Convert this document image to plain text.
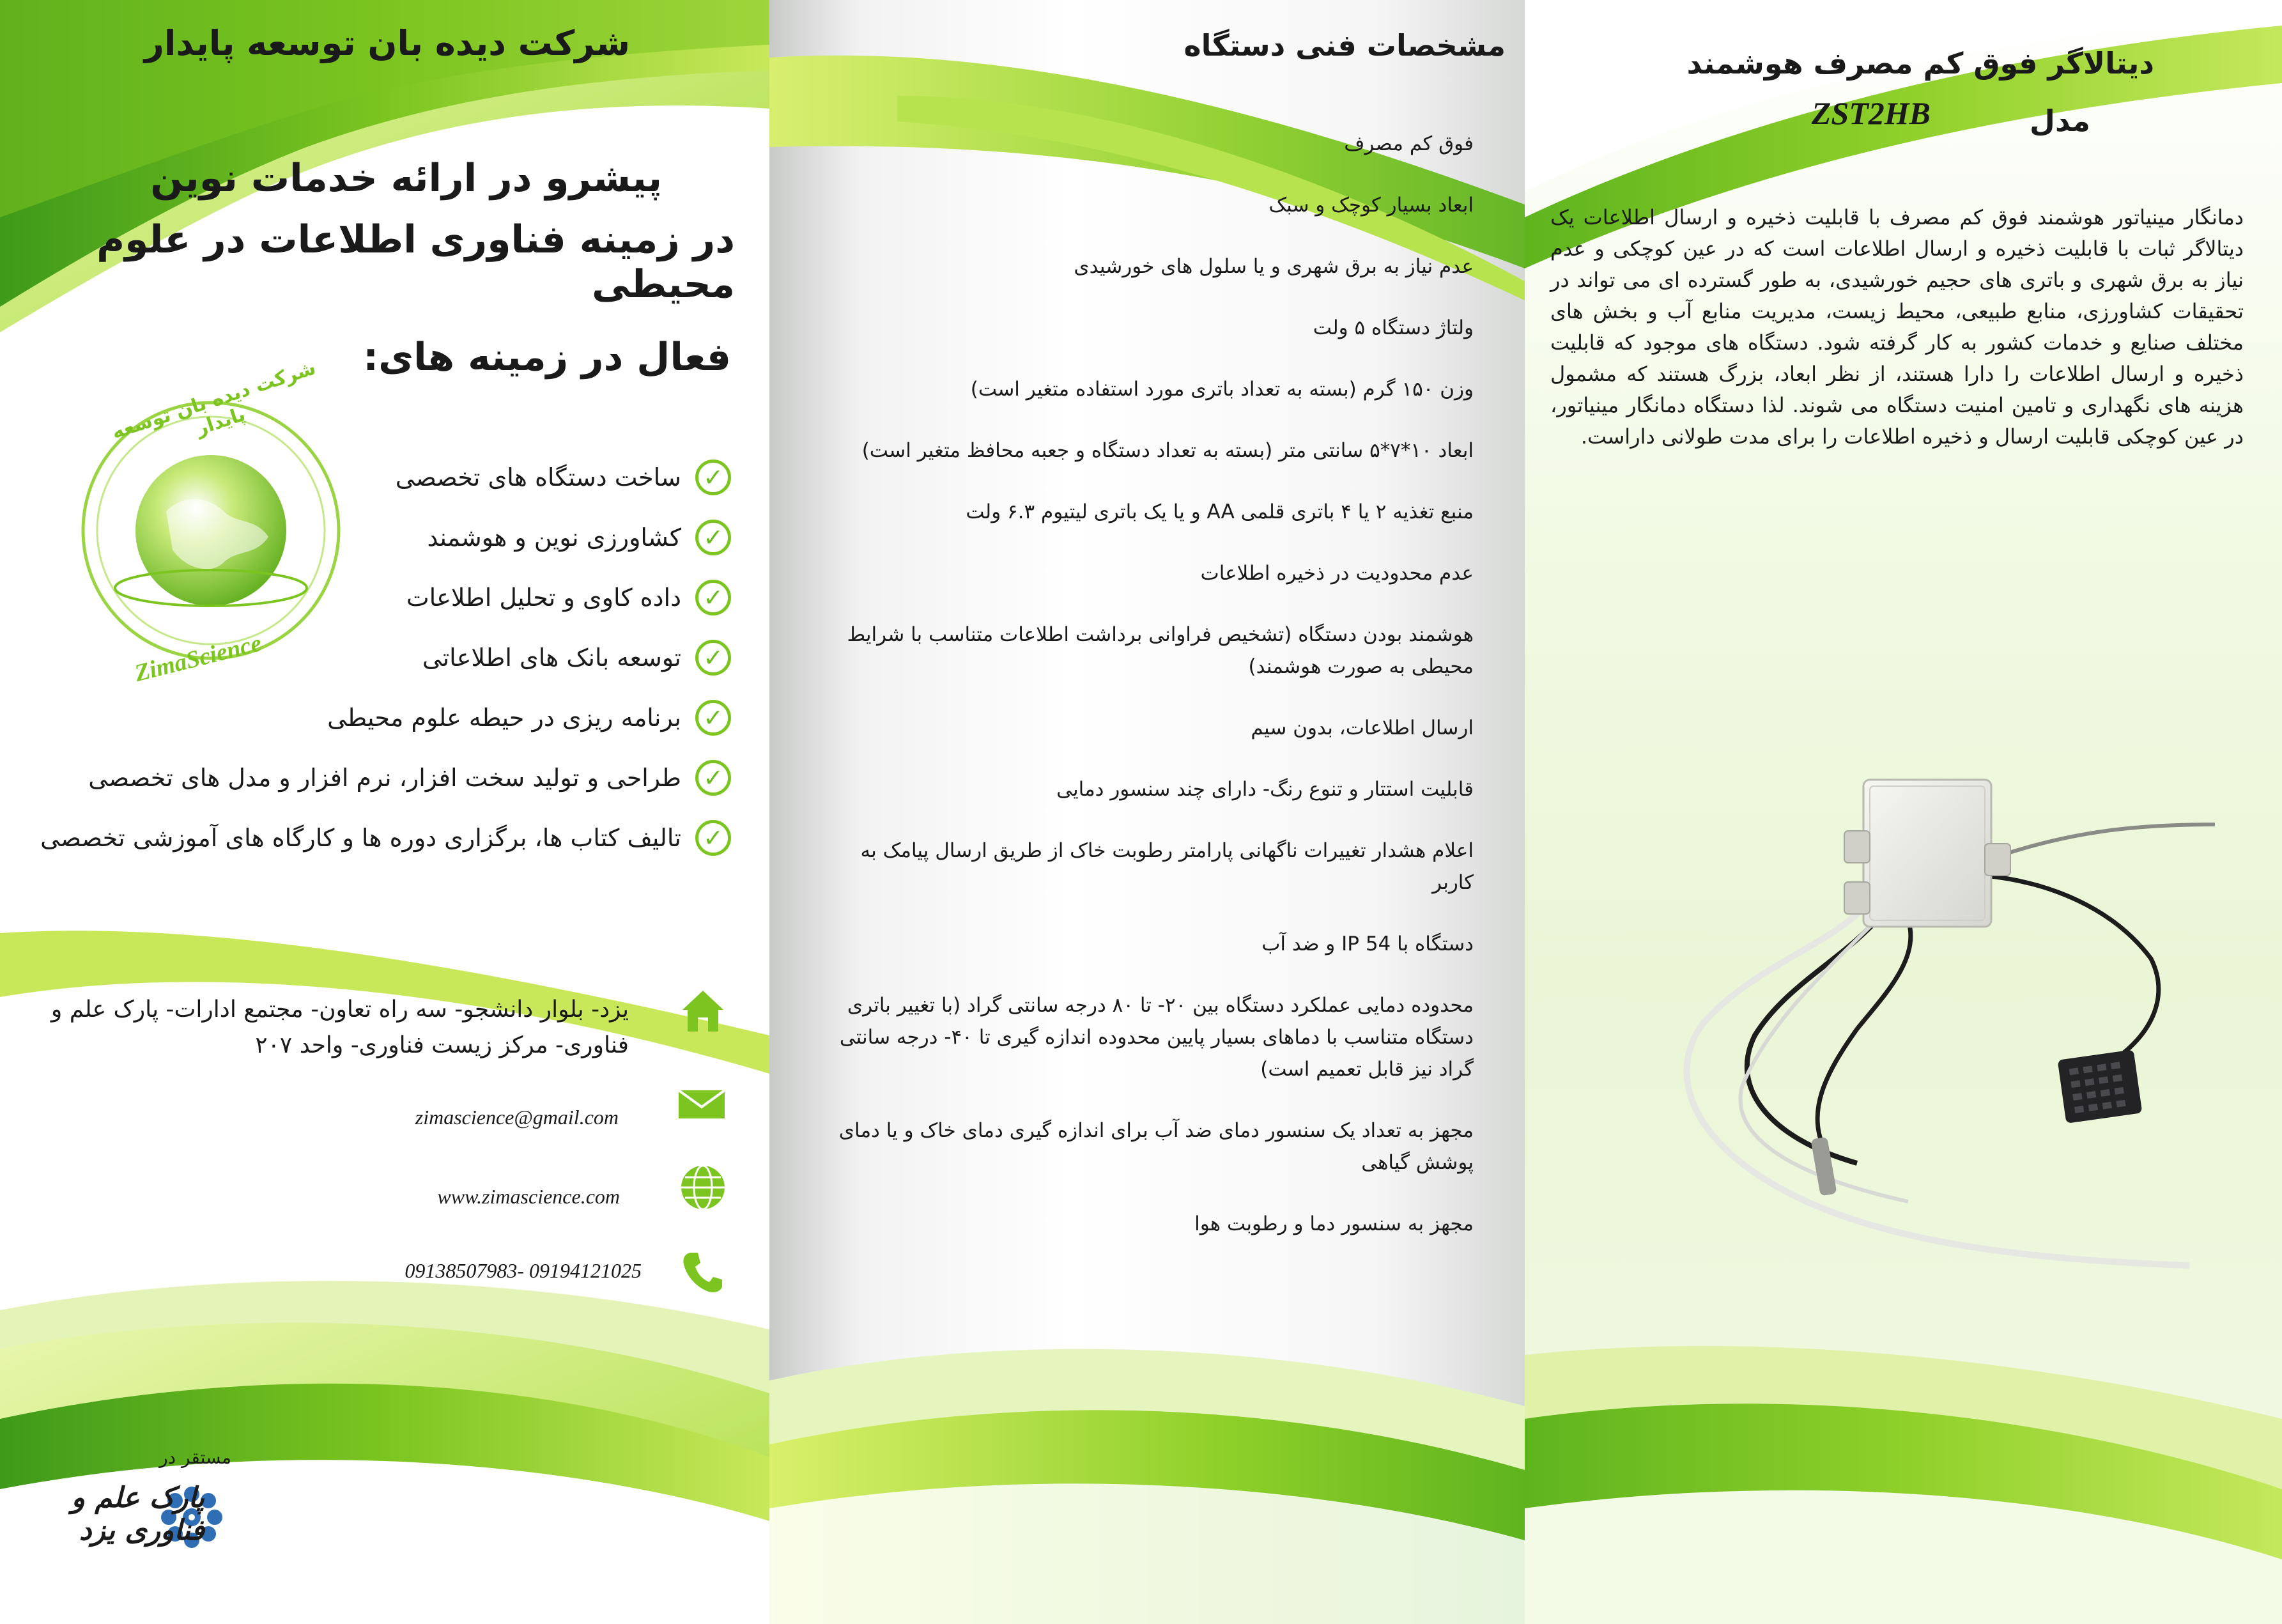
شرکت دیده بان توسعه پایدار
پیشرو در ارائه خدمات نوین
در زمینه فناوری اطلاعات در علوم محیطی
شرکت دیده بان توسعه پایدار
ZimaScience
فعال در زمینه های:
✓
ساخت دستگاه های تخصصی
✓
کشاورزی نوین و هوشمند
✓
داده کاوی و تحلیل اطلاعات
✓
توسعه بانک های اطلاعاتی
✓
برنامه ریزی در حیطه علوم محیطی
✓
طراحی و تولید سخت افزار، نرم افزار و مدل های تخصصی
✓
تالیف کتاب ها، برگزاری دوره ها و کارگاه های آموزشی تخصصی
یزد- بلوار دانشجو- سه راه تعاون- مجتمع ادارات- پارک علم و فناوری- مرکز زیست فناوری- واحد ۲۰۷
zimascience@gmail.com
www.zimascience.com
09138507983- 09194121025
مستقر در
پارک علم و فناوری یزد
مشخصات فنی دستگاه
فوق کم مصرف
ابعاد بسیار کوچک و سبک
عدم نیاز به برق شهری و یا سلول های خورشیدی
ولتاژ دستگاه ۵ ولت
وزن ۱۵۰ گرم (بسته به تعداد باتری مورد استفاده متغیر است)
ابعاد ۱۰*۷*۵ سانتی متر (بسته به تعداد دستگاه و جعبه محافظ متغیر است)
منبع تغذیه ۲ یا ۴ باتری قلمی AA و یا یک باتری لیتیوم ۶.۳ ولت
عدم محدودیت در ذخیره اطلاعات
هوشمند بودن دستگاه (تشخیص فراوانی برداشت اطلاعات متناسب با شرایط محیطی به صورت هوشمند)
ارسال اطلاعات، بدون سیم
قابلیت استتار و تنوع رنگ- دارای چند سنسور دمایی
اعلام هشدار تغییرات ناگهانی پارامتر رطوبت خاک از طریق ارسال پیامک به کاربر
دستگاه با IP 54 و ضد آب
محدوده دمایی عملکرد دستگاه بین ۲۰- تا ۸۰ درجه سانتی گراد (با تغییر باتری دستگاه متناسب با دماهای بسیار پایین محدوده اندازه گیری تا ۴۰- درجه سانتی گراد نیز قابل تعمیم است)
مجهز به تعداد یک سنسور دمای ضد آب برای اندازه گیری دمای خاک و یا دمای پوشش گیاهی
مجهز به سنسور دما و رطوبت هوا
دیتالاگر فوق کم مصرف هوشمند
مدل
ZST2HB
دمانگار مینیاتور هوشمند فوق کم مصرف با قابلیت ذخیره و ارسال اطلاعات یک دیتالاگر ثبات با قابلیت ذخیره و ارسال اطلاعات است که در عین کوچکی و عدم نیاز به برق شهری و باتری های حجیم خورشیدی، به طور گسترده ای می تواند در تحقیقات کشاورزی، منابع طبیعی، محیط زیست، مدیریت منابع آب و بخش های مختلف صنایع و خدمات کشور به کار گرفته شود. دستگاه های موجود که قابلیت ذخیره و ارسال اطلاعات را دارا هستند، از نظر ابعاد، بزرگ هستند که مشمول هزینه های نگهداری و تامین امنیت دستگاه می شوند. لذا دستگاه دمانگار مینیاتور، در عین کوچکی قابلیت ارسال و ذخیره اطلاعات را برای مدت طولانی داراست.
